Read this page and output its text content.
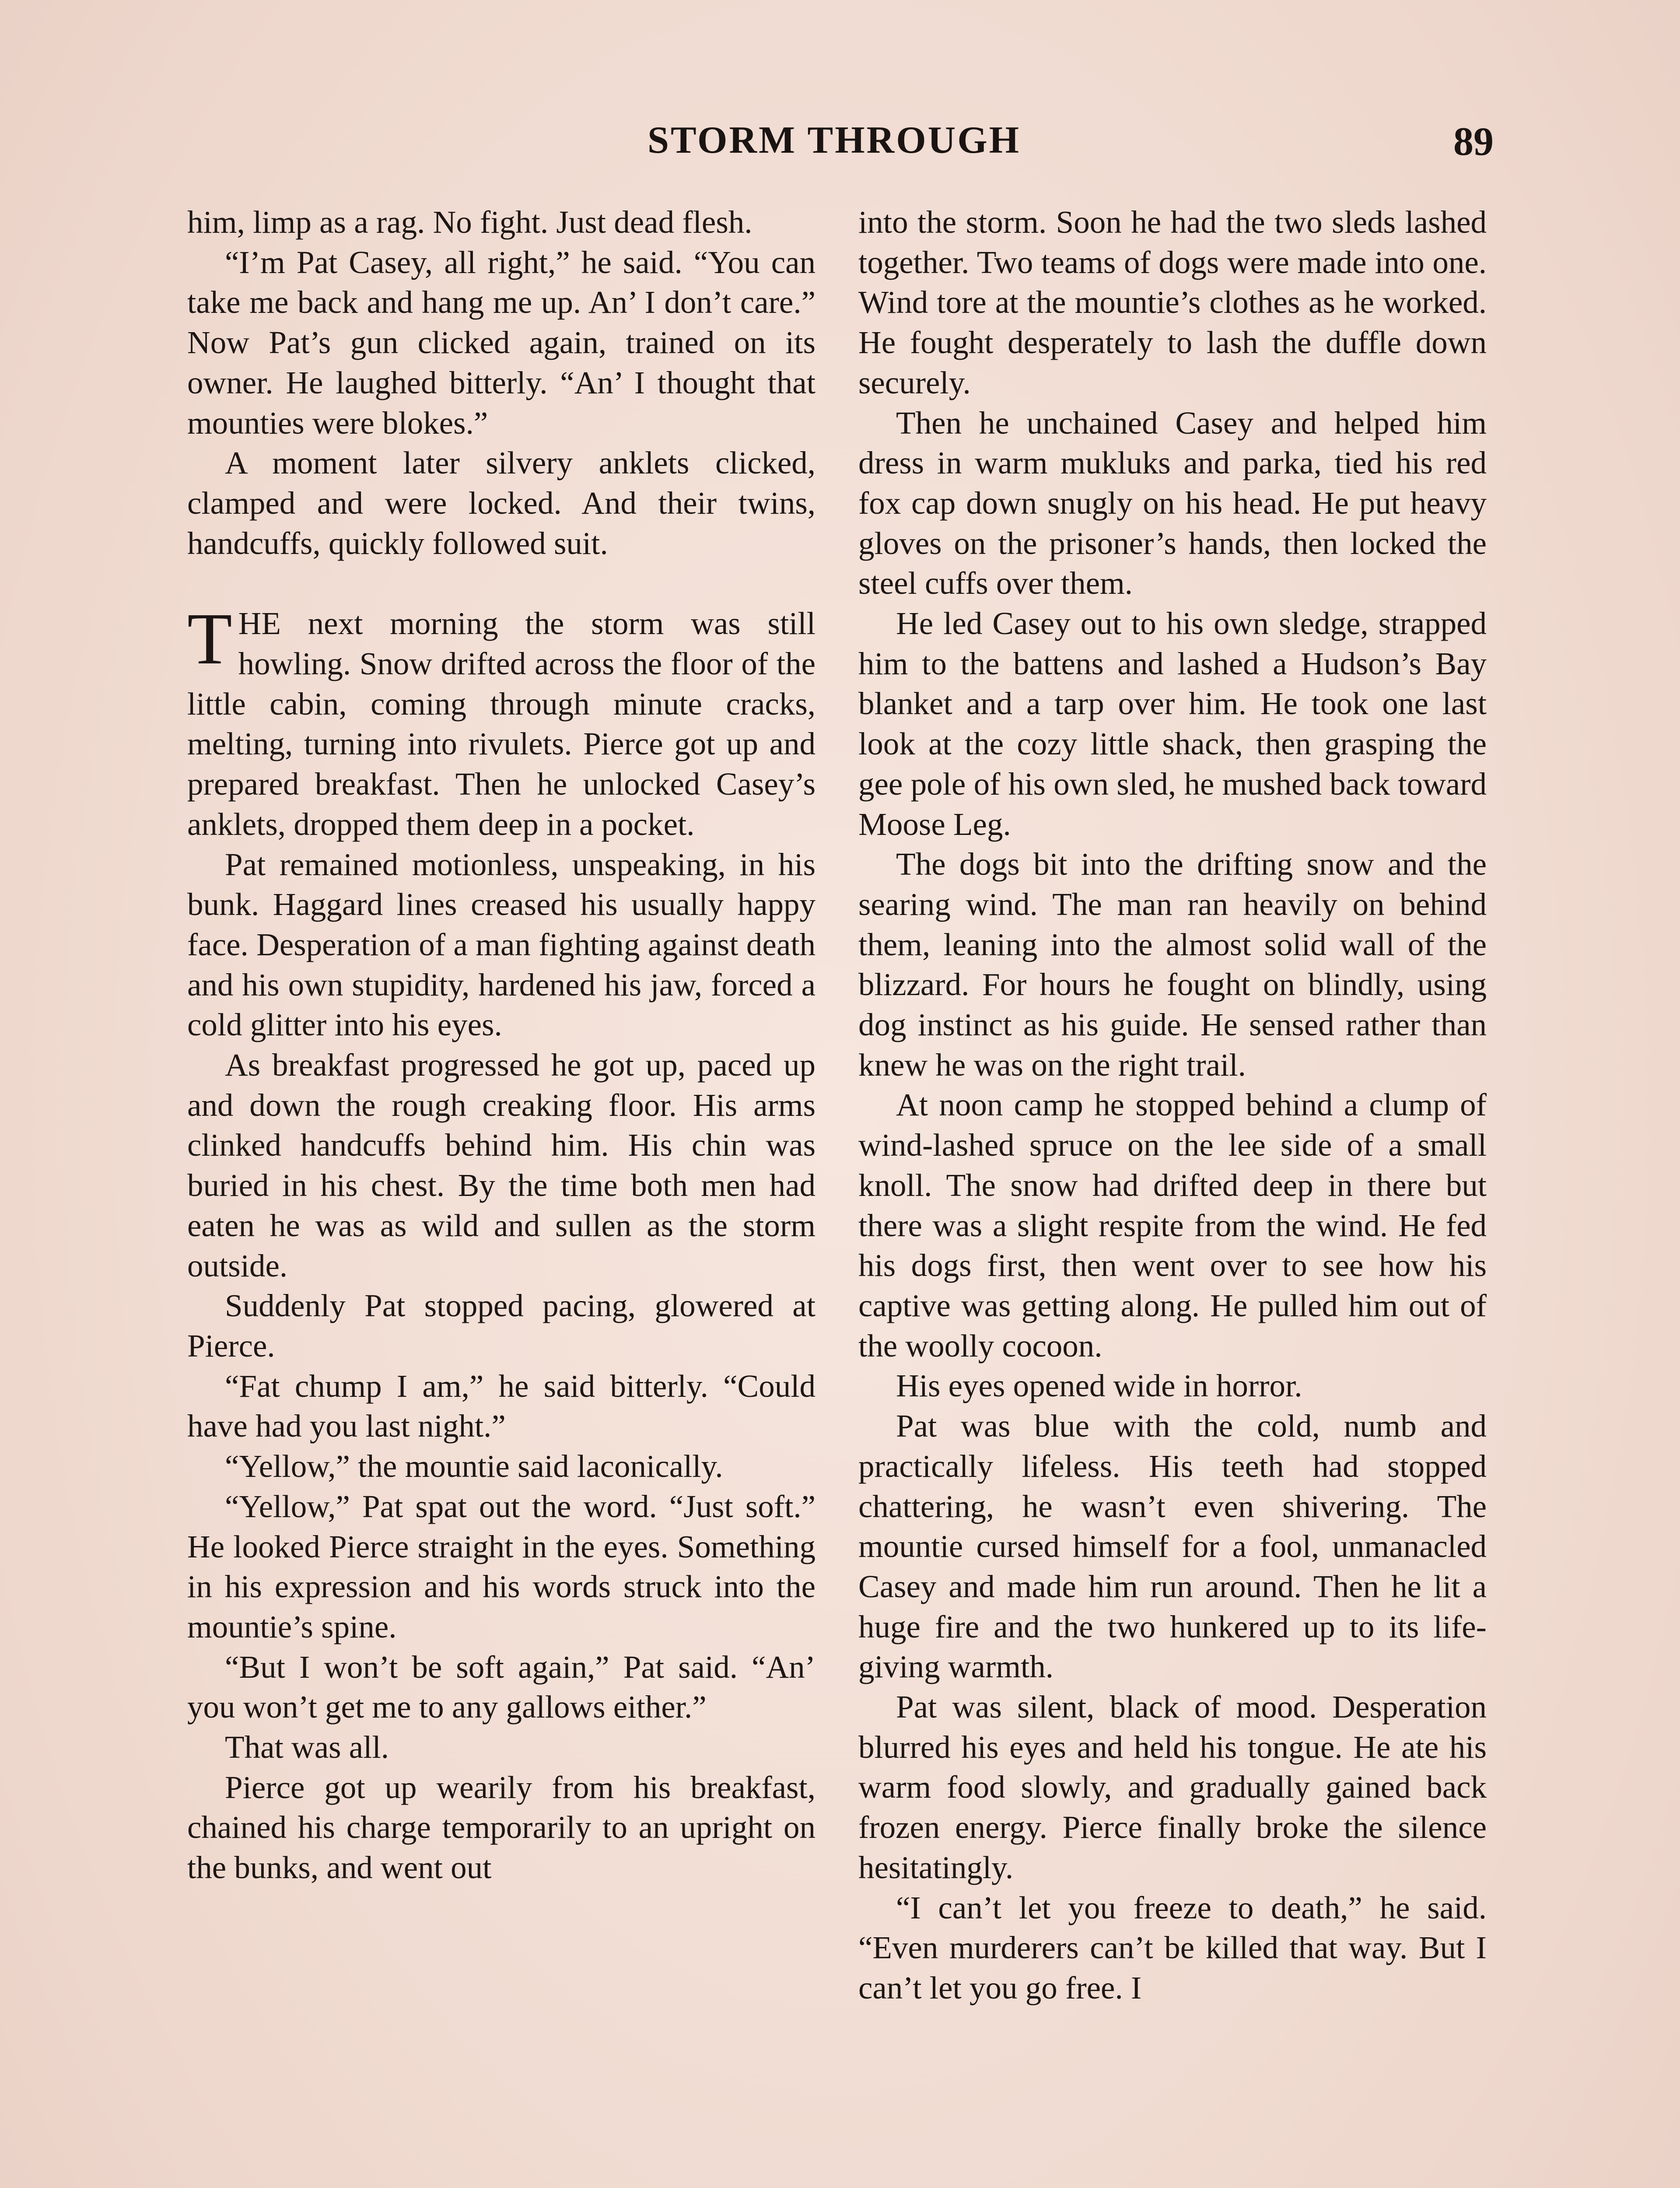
STORM THROUGH	89

him, limp as a rag. No fight. Just dead flesh.

“I’m Pat Casey, all right,” he said. “You can take me back and hang me up. An’ I don’t care.” Now Pat’s gun clicked again, trained on its owner. He laughed bitterly. “An’ I thought that mounties were blokes.”

A moment later silvery anklets clicked, clamped and were locked. And their twins, handcuffs, quickly followed suit.

THE next morning the storm was still howling. Snow drifted across the floor of the little cabin, coming through minute cracks, melting, turning into rivulets. Pierce got up and prepared breakfast. Then he unlocked Casey’s anklets, dropped them deep in a pocket.

Pat remained motionless, unspeaking, in his bunk. Haggard lines creased his usually happy face. Desperation of a man fighting against death and his own stupidity, hardened his jaw, forced a cold glitter into his eyes.

As breakfast progressed he got up, paced up and down the rough creaking floor. His arms clinked handcuffs behind him. His chin was buried in his chest. By the time both men had eaten he was as wild and sullen as the storm outside.

Suddenly Pat stopped pacing, glowered at Pierce.

“Fat chump I am,” he said bitterly. “Could have had you last night.”

“Yellow,” the mountie said laconically.

“Yellow,” Pat spat out the word. “Just soft.” He looked Pierce straight in the eyes. Something in his expression and his words struck into the mountie’s spine.

“But I won’t be soft again,” Pat said. “An’ you won’t get me to any gallows either.”

That was all.

Pierce got up wearily from his breakfast, chained his charge temporarily to an upright on the bunks, and went out

into the storm. Soon he had the two sleds lashed together. Two teams of dogs were made into one. Wind tore at the mountie’s clothes as he worked. He fought desperately to lash the duffle down securely.

Then he unchained Casey and helped him dress in warm mukluks and parka, tied his red fox cap down snugly on his head. He put heavy gloves on the prisoner’s hands, then locked the steel cuffs over them.

He led Casey out to his own sledge, strapped him to the battens and lashed a Hudson’s Bay blanket and a tarp over him. He took one last look at the cozy little shack, then grasping the gee pole of his own sled, he mushed back toward Moose Leg.

The dogs bit into the drifting snow and the searing wind. The man ran heavily on behind them, leaning into the almost solid wall of the blizzard. For hours he fought on blindly, using dog instinct as his guide. He sensed rather than knew he was on the right trail.

At noon camp he stopped behind a clump of wind-lashed spruce on the lee side of a small knoll. The snow had drifted deep in there but there was a slight respite from the wind. He fed his dogs first, then went over to see how his captive was getting along. He pulled him out of the woolly cocoon.

His eyes opened wide in horror.

Pat was blue with the cold, numb and practically lifeless. His teeth had stopped chattering, he wasn’t even shivering. The mountie cursed himself for a fool, unmanacled Casey and made him run around. Then he lit a huge fire and the two hunkered up to its life-giving warmth.

Pat was silent, black of mood. Desperation blurred his eyes and held his tongue. He ate his warm food slowly, and gradually gained back frozen energy. Pierce finally broke the silence hesitatingly.

“I can’t let you freeze to death,” he said. “Even murderers can’t be killed that way. But I can’t let you go free. I
